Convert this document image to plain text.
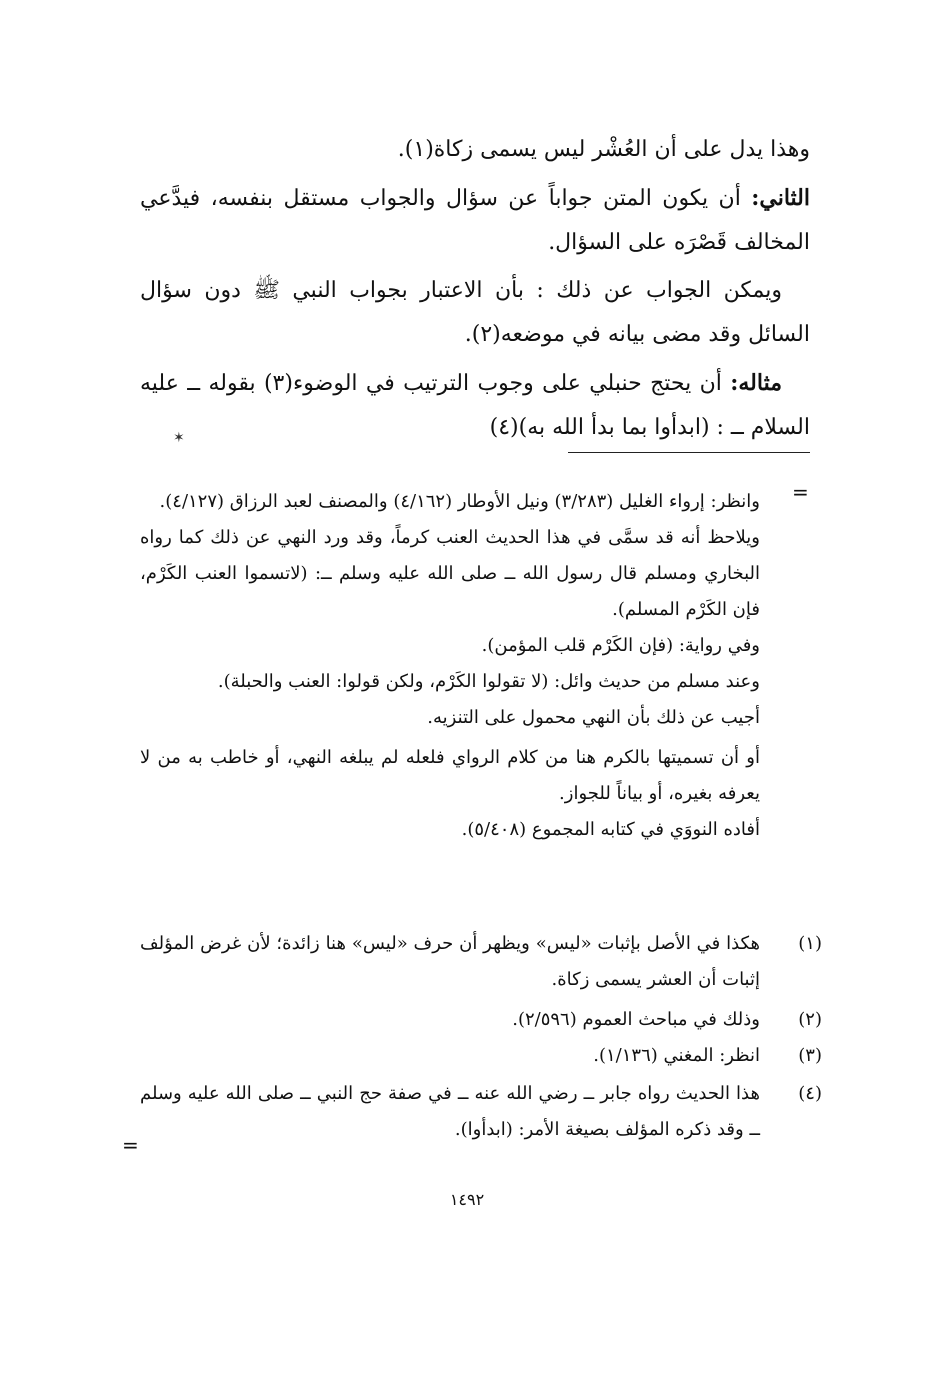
وهذا يدل على أن العُشْر ليس يسمى زكاة(١).

الثاني: أن يكون المتن جواباً عن سؤال والجواب مستقل بنفسه، فيدَّعي المخالف قَصْرَه على السؤال.

ويمكن الجواب عن ذلك : بأن الاعتبار بجواب النبي ﷺ دون سؤال السائل وقد مضى بيانه في موضعه(٢).

مثاله: أن يحتج حنبلي على وجوب الترتيب في الوضوء(٣) بقوله ــ عليه السلام ــ : (ابدأوا بما بدأ الله به)(٤)

✶
=

وانظر: إرواء الغليل (٣/٢٨٣) ونيل الأوطار (٤/١٦٢) والمصنف لعبد الرزاق (٤/١٢٧).

ويلاحظ أنه قد سمَّى في هذا الحديث العنب كرماً، وقد ورد النهي عن ذلك كما رواه البخاري ومسلم قال رسول الله ــ صلى الله عليه وسلم ــ: (لاتسموا العنب الكَرْم، فإن الكَرْم المسلم).

وفي رواية: (فإن الكَرْم قلب المؤمن).

وعند مسلم من حديث وائل: (لا تقولوا الكَرْم، ولكن قولوا: العنب والحبلة).

أجيب عن ذلك بأن النهي محمول على التنزيه.

أو أن تسميتها بالكرم هنا من كلام الرواي فلعله لم يبلغه النهي، أو خاطب به من لا يعرفه بغيره، أو بياناً للجواز.

أفاده النووَي في كتابه المجموع (٥/٤٠٨).

(١)
هكذا في الأصل بإثبات «ليس» ويظهر أن حرف «ليس» هنا زائدة؛ لأن غرض المؤلف إثبات أن العشر يسمى زكاة.
(٢)
وذلك في مباحث العموم (٢/٥٩٦).
(٣)
انظر: المغني (١/١٣٦).
(٤)
هذا الحديث رواه جابر ــ رضي الله عنه ــ في صفة حج النبي ــ صلى الله عليه وسلم ــ وقد ذكره المؤلف بصيغة الأمر: (ابدأوا).
=
١٤٩٢
